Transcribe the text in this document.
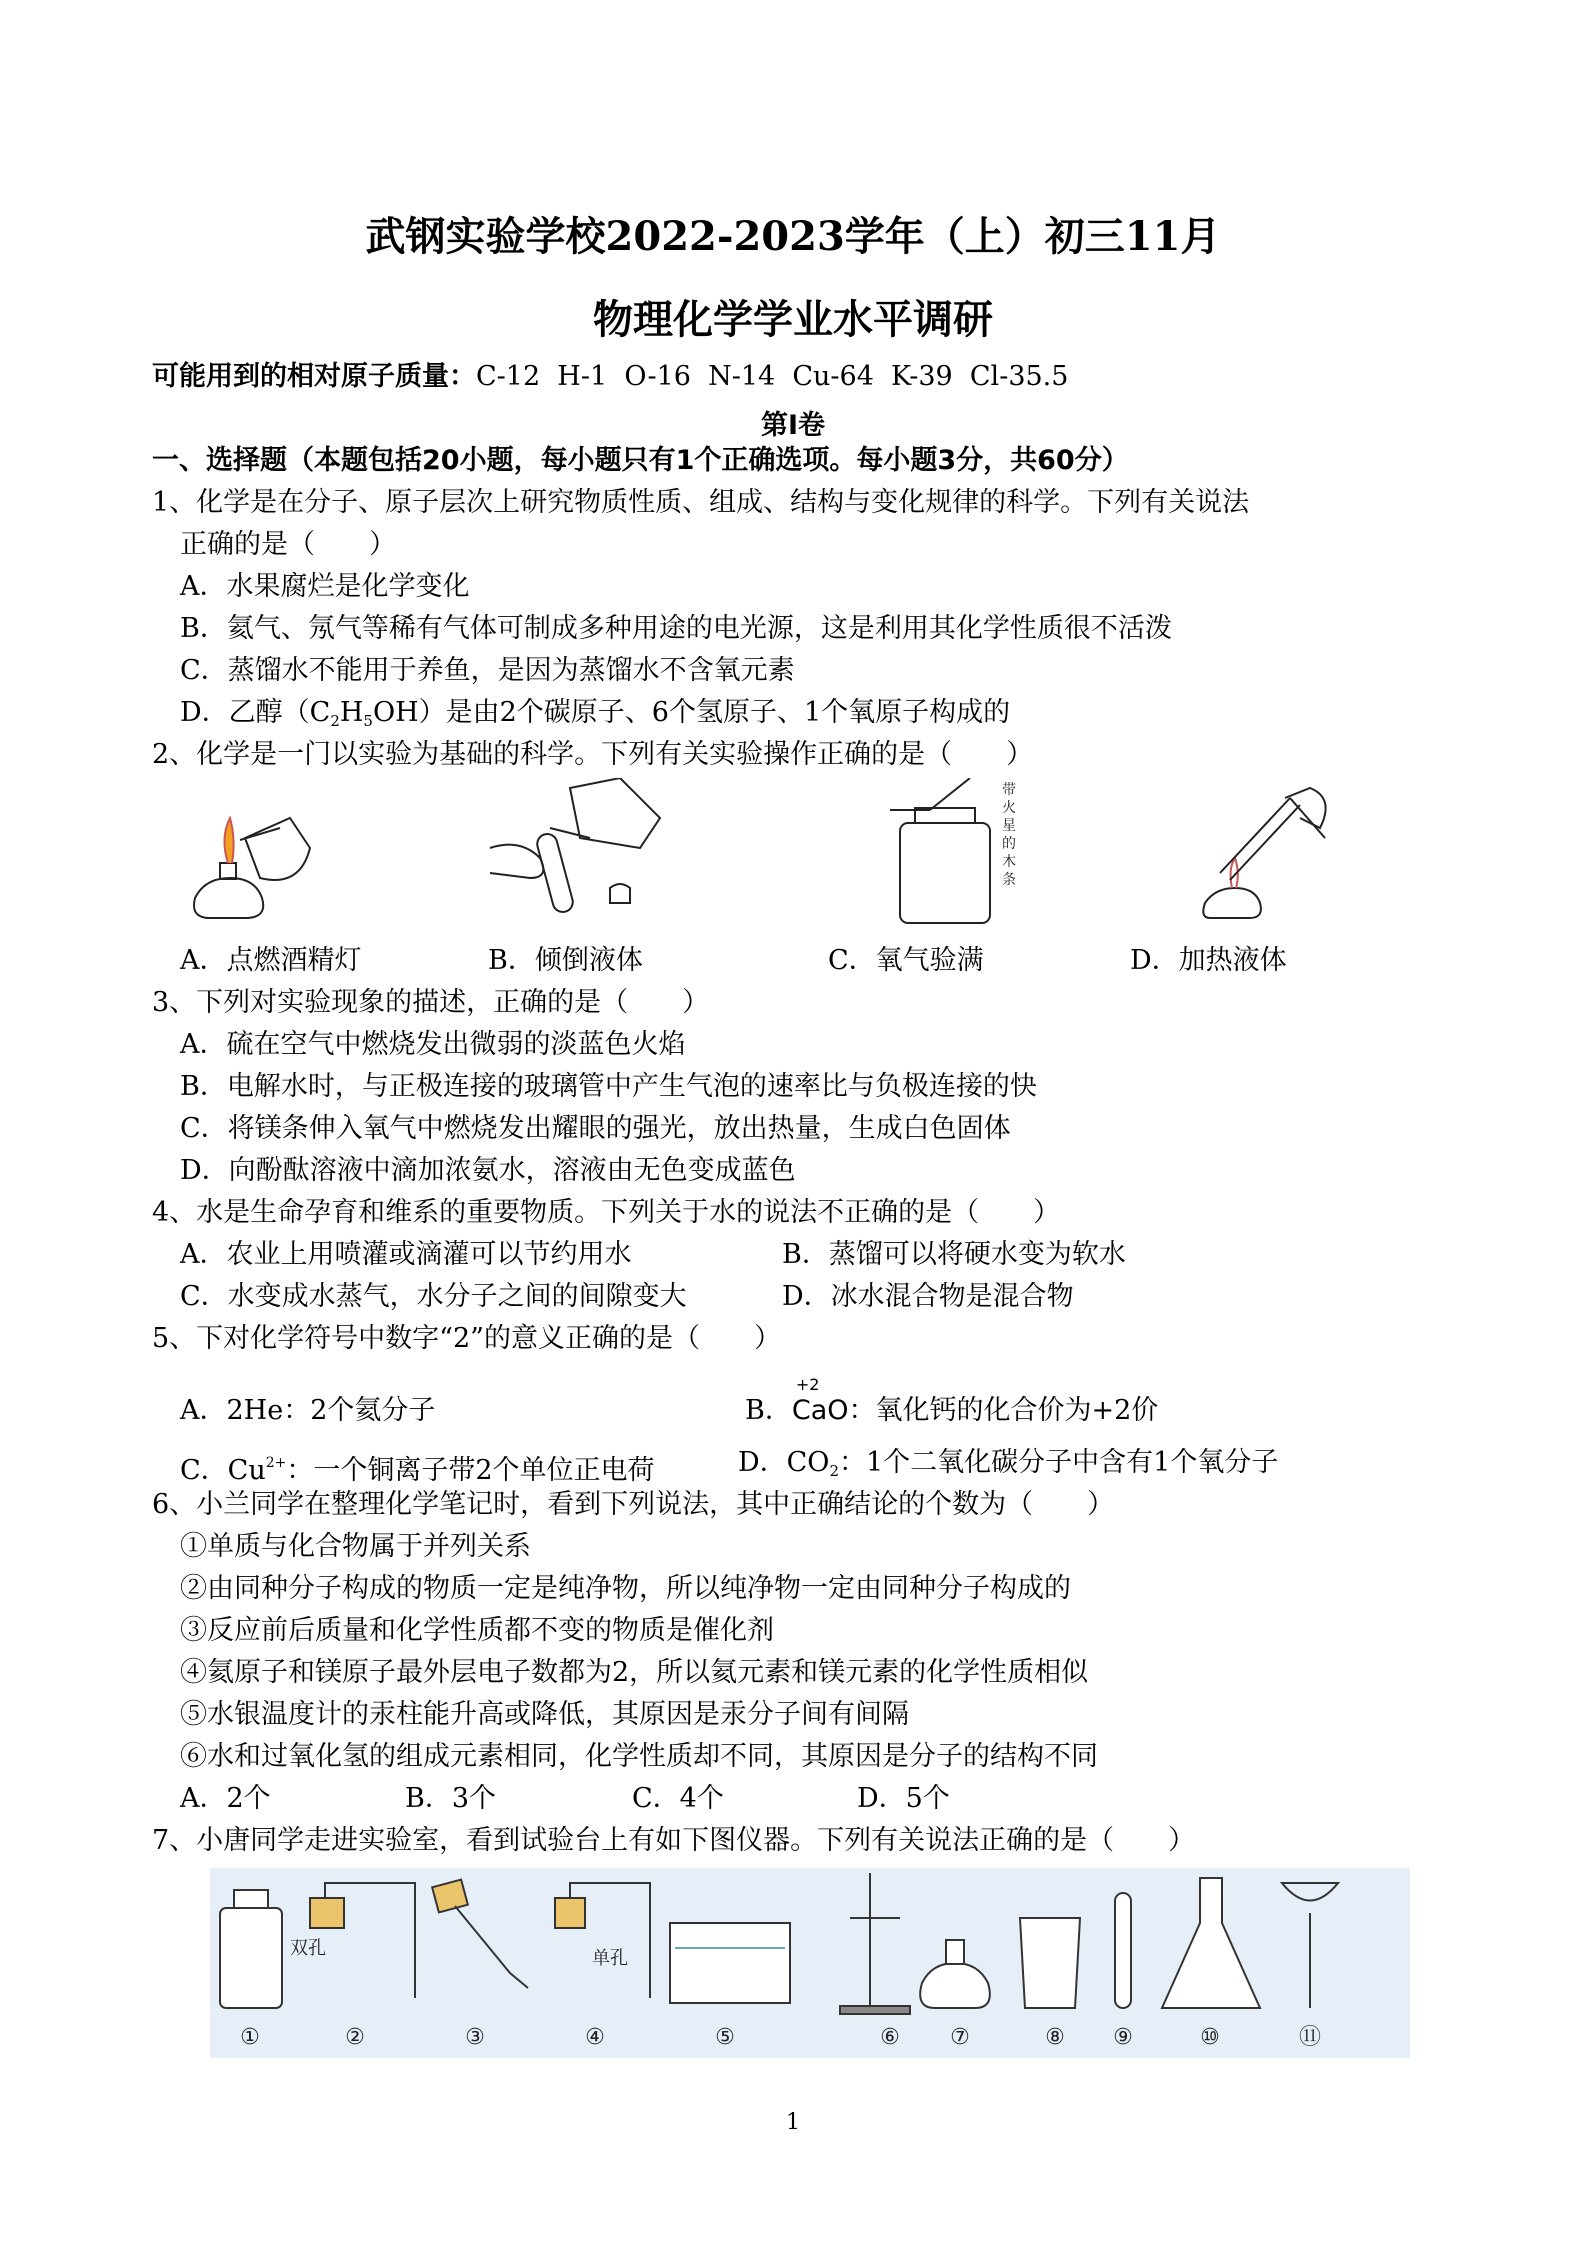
武钢实验学校2022-2023学年（上）初三11月
物理化学学业水平调研
可能用到的相对原子质量：C-12  H-1  O-16  N-14  Cu-64  K-39  Cl-35.5
第Ⅰ卷
一、选择题（本题包括20小题，每小题只有1个正确选项。每小题3分，共60分）
1、化学是在分子、原子层次上研究物质性质、组成、结构与变化规律的科学。下列有关说法
正确的是（　　）
A．水果腐烂是化学变化
B．氦气、氖气等稀有气体可制成多种用途的电光源，这是利用其化学性质很不活泼
C．蒸馏水不能用于养鱼，是因为蒸馏水不含氧元素
D．乙醇$(C_2H_5OH)$是由2个碳原子、6个氢原子、1个氧原子构成的
2、化学是一门以实验为基础的科学。下列有关实验操作正确的是（　　）
带
火
星
的
木
条
A．点燃酒精灯	B．倾倒液体	C．氧气验满	D．加热液体
3、下列对实验现象的描述，正确的是（　　）
A．硫在空气中燃烧发出微弱的淡蓝色火焰
B．电解水时，与正极连接的玻璃管中产生气泡的速率比与负极连接的快
C．将镁条伸入氧气中燃烧发出耀眼的强光，放出热量，生成白色固体
D．向酚酞溶液中滴加浓氨水，溶液由无色变成蓝色
4、水是生命孕育和维系的重要物质。下列关于水的说法不正确的是（　　）
A．农业上用喷灌或滴灌可以节约用水	B．蒸馏可以将硬水变为软水
C．水变成水蒸气，水分子之间的间隙变大	D．冰水混合物是混合物
5、下对化学符号中数字“2”的意义正确的是（　　）
A．2He：2个氦分子	B．
+2
CaO：氧化钙的化合价为+2价
C．$Cu^{2+}$：一个铜离子带2个单位正电荷	D．$CO_2$：1个二氧化碳分子中含有1个氧分子
6、小兰同学在整理化学笔记时，看到下列说法，其中正确结论的个数为（　　）
①单质与化合物属于并列关系
②由同种分子构成的物质一定是纯净物，所以纯净物一定由同种分子构成的
③反应前后质量和化学性质都不变的物质是催化剂
④氦原子和镁原子最外层电子数都为2，所以氦元素和镁元素的化学性质相似
⑤水银温度计的汞柱能升高或降低，其原因是汞分子间有间隔
⑥水和过氧化氢的组成元素相同，化学性质却不同，其原因是分子的结构不同
A．2个	B．3个	C．4个	D．5个
7、小唐同学走进实验室，看到试验台上有如下图仪器。下列有关说法正确的是（　　）
双孔	单孔
①	②	③	④	⑤	⑥ ⑦	⑧ ⑨	⑩	⑪
1
